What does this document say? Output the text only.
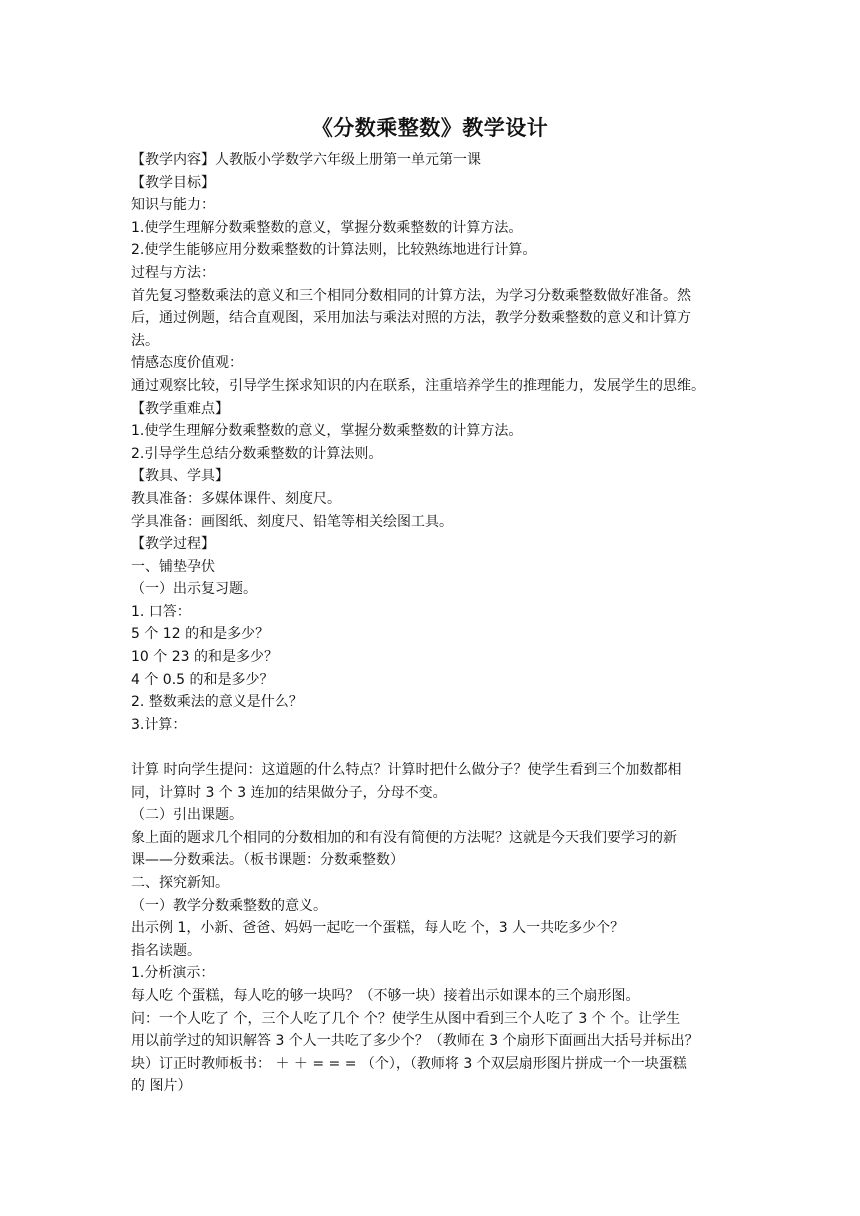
《分数乘整数》教学设计
【教学内容】人教版小学数学六年级上册第一单元第一课
【教学目标】
知识与能力：
1.使学生理解分数乘整数的意义，掌握分数乘整数的计算方法。
2.使学生能够应用分数乘整数的计算法则，比较熟练地进行计算。
过程与方法：
首先复习整数乘法的意义和三个相同分数相同的计算方法，为学习分数乘整数做好准备。然
后，通过例题，结合直观图，采用加法与乘法对照的方法，教学分数乘整数的意义和计算方
法。
情感态度价值观：
通过观察比较，引导学生探求知识的内在联系，注重培养学生的推理能力，发展学生的思维。
【教学重难点】
1.使学生理解分数乘整数的意义，掌握分数乘整数的计算方法。
2.引导学生总结分数乘整数的计算法则。
【教具、学具】
教具准备：多媒体课件、刻度尺。
学具准备：画图纸、刻度尺、铅笔等相关绘图工具。
【教学过程】
一、铺垫孕伏
（一）出示复习题。
1. 口答：
5 个 12 的和是多少？
10 个 23 的和是多少？
4 个 0.5 的和是多少？
2. 整数乘法的意义是什么？
3.计算：
计算 时向学生提问：这道题的什么特点？计算时把什么做分子？使学生看到三个加数都相
同，计算时 3 个 3 连加的结果做分子，分母不变。
（二）引出课题。
象上面的题求几个相同的分数相加的和有没有简便的方法呢？这就是今天我们要学习的新
课——分数乘法。（板书课题：分数乘整数）
二、探究新知。
（一）教学分数乘整数的意义。
出示例 1，小新、爸爸、妈妈一起吃一个蛋糕，每人吃 个，3 人一共吃多少个？
指名读题。
1.分析演示：
每人吃 个蛋糕，每人吃的够一块吗？（不够一块）接着出示如课本的三个扇形图。
问：一个人吃了 个，三个人吃了几个 个？使学生从图中看到三个人吃了 3 个 个。让学生
用以前学过的知识解答 3 个人一共吃了多少个？（教师在 3 个扇形下面画出大括号并标出？
块）订正时教师板书： ＋ ＋ = = = （个），（教师将 3 个双层扇形图片拼成一个一块蛋糕
的 图片）
